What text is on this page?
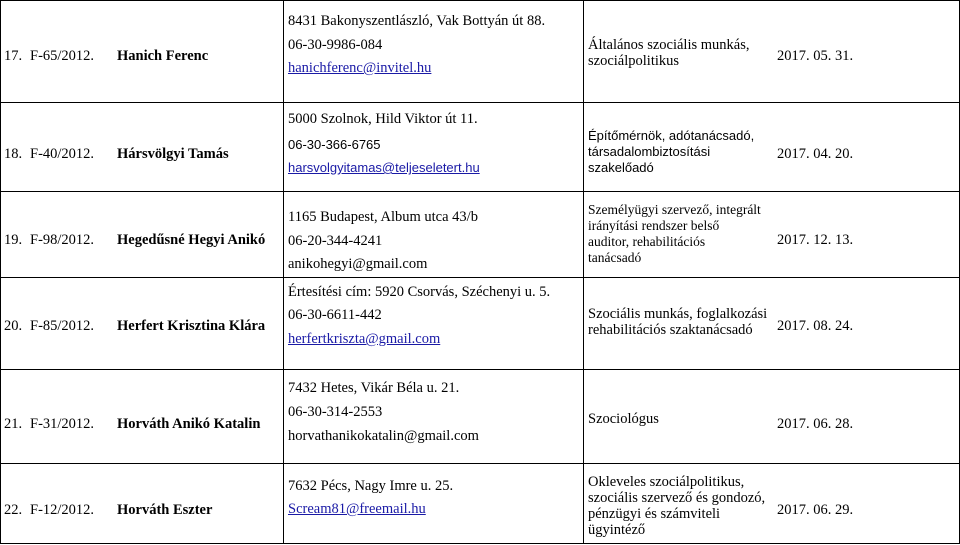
17. F-65/2012. Hanich Ferenc
8431 Bakonyszentlászló, Vak Bottyán út 88.
06-30-9986-084
hanichferenc@invitel.hu
Általános szociális munkás,
szociálpolitikus	2017. 05. 31.
18. F-40/2012. Hársvölgyi Tamás
5000 Szolnok, Hild Viktor út 11.
06-30-366-6765
harsvolgyitamas@teljeseletert.hu
Építőmérnök, adótanácsadó,
társadalombiztosítási
szakelőadó
2017. 04. 20.
19. F-98/2012. Hegedűsné Hegyi Anikó
1165 Budapest, Album utca 43/b
06-20-344-4241
anikohegyi@gmail.com
Személyügyi szervező, integrált
irányítási rendszer belső
auditor, rehabilitációs
tanácsadó
2017. 12. 13.
20. F-85/2012. Herfert Krisztina Klára
Értesítési cím: 5920 Csorvás, Széchenyi u. 5.
06-30-6611-442
herfertkriszta@gmail.com
Szociális munkás, foglalkozási
rehabilitációs szaktanácsadó 2017. 08. 24.
21. F-31/2012. Horváth Anikó Katalin
7432 Hetes, Vikár Béla u. 21.
06-30-314-2553
horvathanikokatalin@gmail.com
Szociológus	2017. 06. 28.
22. F-12/2012. Horváth Eszter
7632 Pécs, Nagy Imre u. 25.
Scream81@freemail.hu
Okleveles szociálpolitikus,
szociális szervező és gondozó,
pénzügyi és számviteli
ügyintéző
2017. 06. 29.
